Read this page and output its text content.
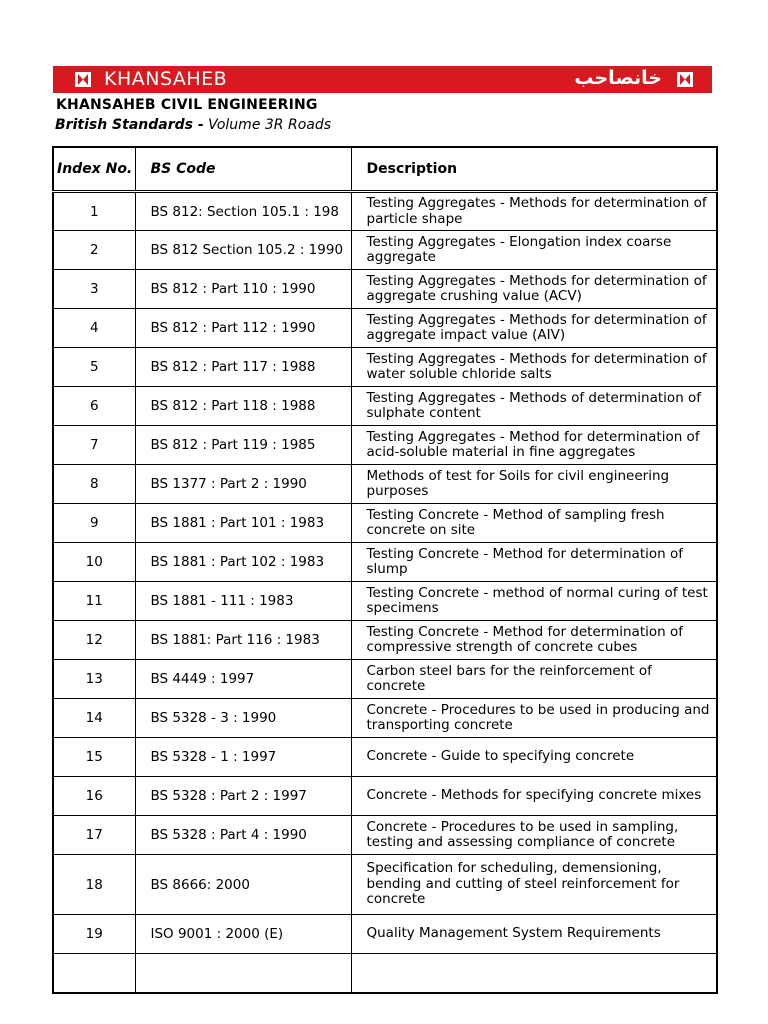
KHANSAHEB	خانصاحب
KHANSAHEB CIVIL ENGINEERING
British Standards - Volume 3R Roads
Index No.	BS Code	Description
1	BS 812: Section 105.1 : 198	Testing Aggregates - Methods for determination of particle shape
2	BS 812 Section 105.2 : 1990	Testing Aggregates - Elongation index coarse aggregate
3	BS 812 : Part 110 : 1990	Testing Aggregates - Methods for determination of aggregate crushing value (ACV)
4	BS 812 : Part 112 : 1990	Testing Aggregates - Methods for determination of aggregate impact value (AIV)
5	BS 812 : Part 117 : 1988	Testing Aggregates - Methods for determination of water soluble chloride salts
6	BS 812 : Part 118 : 1988	Testing Aggregates - Methods of determination of sulphate content
7	BS 812 : Part 119 : 1985	Testing Aggregates - Method for determination of acid-soluble material in fine aggregates
8	BS 1377 : Part 2 : 1990	Methods of test for Soils for civil engineering purposes
9	BS 1881 : Part 101 : 1983	Testing Concrete - Method of sampling fresh concrete on site
10	BS 1881 : Part 102 : 1983	Testing Concrete - Method for determination of slump
11	BS 1881 - 111 : 1983	Testing Concrete - method of normal curing of test specimens
12	BS 1881: Part 116 : 1983	Testing Concrete - Method for determination of compressive strength of concrete cubes
13	BS 4449 : 1997	Carbon steel bars for the reinforcement of concrete
14	BS 5328 - 3 : 1990	Concrete - Procedures to be used in producing and transporting concrete
15	BS 5328 - 1 : 1997	Concrete - Guide to specifying concrete
16	BS 5328 : Part 2 : 1997	Concrete - Methods for specifying concrete mixes
17	BS 5328 : Part 4 : 1990	Concrete - Procedures to be used in sampling, testing and assessing compliance of concrete
18	BS 8666: 2000	Specification for scheduling, demensioning, bending and cutting of steel reinforcement for concrete
19	ISO 9001 : 2000 (E)	Quality Management System Requirements
